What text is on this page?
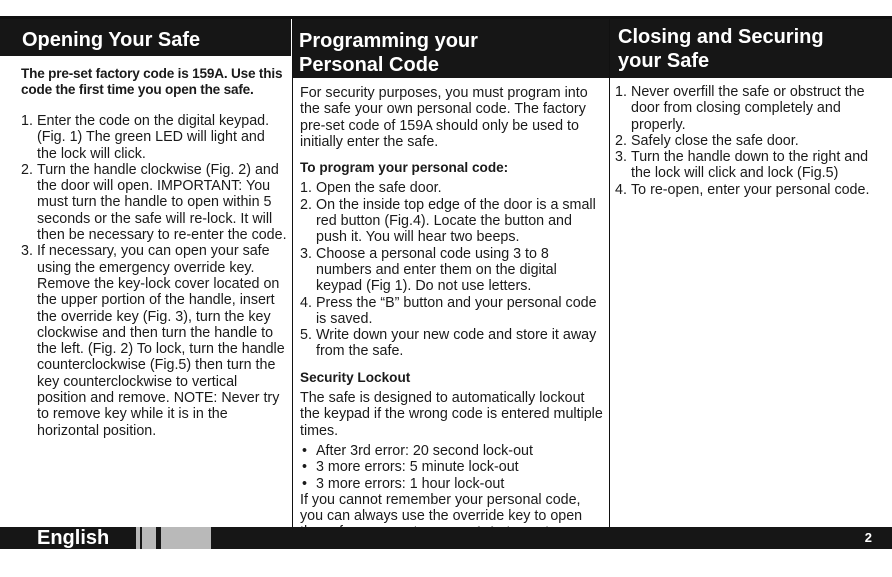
Opening Your Safe

The pre-set factory code is 159A. Use this code the first time you open the safe.

1. Enter the code on the digital keypad. (Fig. 1) The green LED will light and the lock will click.
2. Turn the handle clockwise (Fig. 2) and the door will open. IMPORTANT: You must turn the handle to open within 5 seconds or the safe will re-lock. It will then be necessary to re-enter the code.
3. If necessary, you can open your safe using the emergency override key. Remove the key-lock cover located on the upper portion of the handle, insert the override key (Fig. 3), turn the key clockwise and then turn the handle to the left. (Fig. 2) To lock, turn the handle counterclockwise (Fig.5) then turn the key counterclockwise to vertical position and remove. NOTE: Never try to remove key while it is in the horizontal position.
Programming your
Personal Code

For security purposes, you must program into the safe your own personal code. The factory pre-set code of 159A should only be used to initially enter the safe.

To program your personal code:
1. Open the safe door.
2. On the inside top edge of the door is a small red button (Fig.4). Locate the button and push it. You will hear two beeps.
3. Choose a personal code using 3 to 8 numbers and enter them on the digital keypad (Fig 1). Do not use letters.
4. Press the “B” button and your personal code is saved.
5. Write down your new code and store it away from the safe.
Security Lockout

The safe is designed to automatically lockout the keypad if the wrong code is entered multiple times.

• After 3rd error: 20 second lock-out
• 3 more errors: 5 minute lock-out
• 3 more errors: 1 hour lock-out

If you cannot remember your personal code, you can always use the override key to open

Closing and Securing
your Safe
1. Never overfill the safe or obstruct the door from closing completely and properly.
2. Safely close the safe door.
3. Turn the handle down to the right and the lock will click and lock (Fig.5)
4. To re-open, enter your personal code.
English	2
